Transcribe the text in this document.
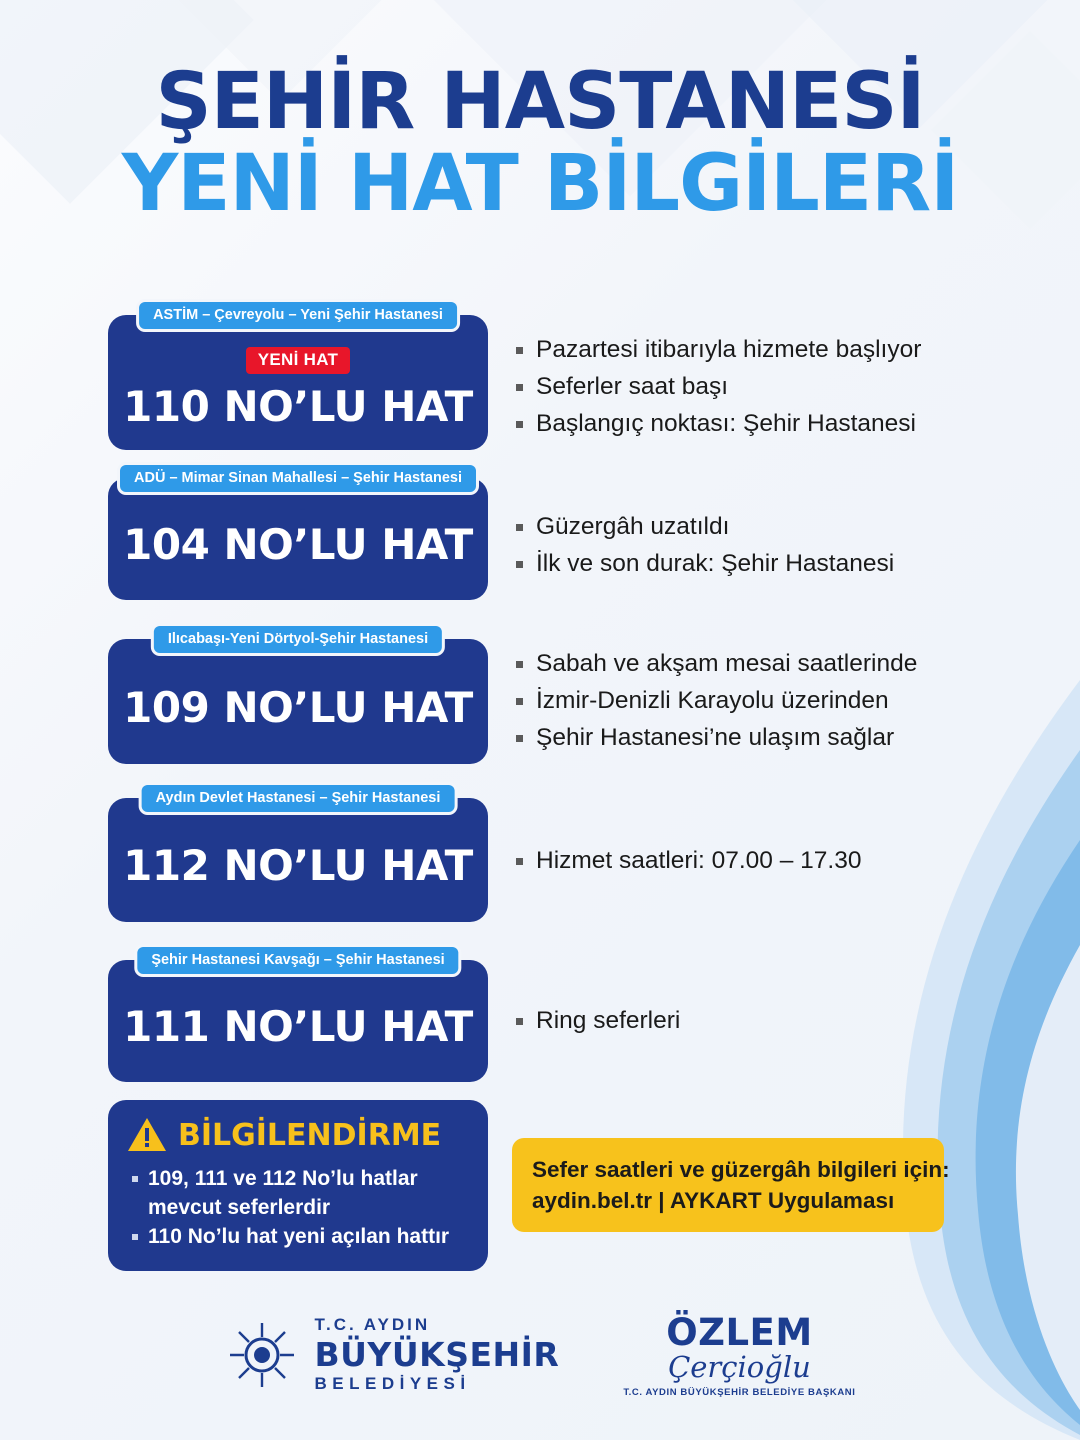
ŞEHİR HASTANESİ
YENİ HAT BİLGİLERİ
ASTİM – Çevreyolu – Yeni Şehir Hastanesi
YENİ HAT
110 NO’LU HAT
Pazartesi itibarıyla hizmete başlıyor
Seferler saat başı
Başlangıç noktası: Şehir Hastanesi
ADÜ – Mimar Sinan Mahallesi – Şehir Hastanesi
104 NO’LU HAT	Güzergâh uzatıldı
İlk ve son durak: Şehir Hastanesi
Ilıcabaşı-Yeni Dörtyol-Şehir Hastanesi
109 NO’LU HAT
Sabah ve akşam mesai saatlerinde
İzmir-Denizli Karayolu üzerinden
Şehir Hastanesi’ne ulaşım sağlar
Aydın Devlet Hastanesi – Şehir Hastanesi
112 NO’LU HAT	Hizmet saatleri: 07.00 – 17.30
Şehir Hastanesi Kavşağı – Şehir Hastanesi
111 NO’LU HAT	Ring seferleri
BİLGİLENDİRME
109, 111 ve 112 No’lu hatlar mevcut seferlerdir
110 No’lu hat yeni açılan hattır
Sefer saatleri ve güzergâh bilgileri için:
aydin.bel.tr | AYKART Uygulaması
T.C. AYDIN
BÜYÜKŞEHİR
BELEDİYESİ
ÖZLEM
Çerçioğlu
T.C. AYDIN BÜYÜKŞEHİR BELEDİYE BAŞKANI
